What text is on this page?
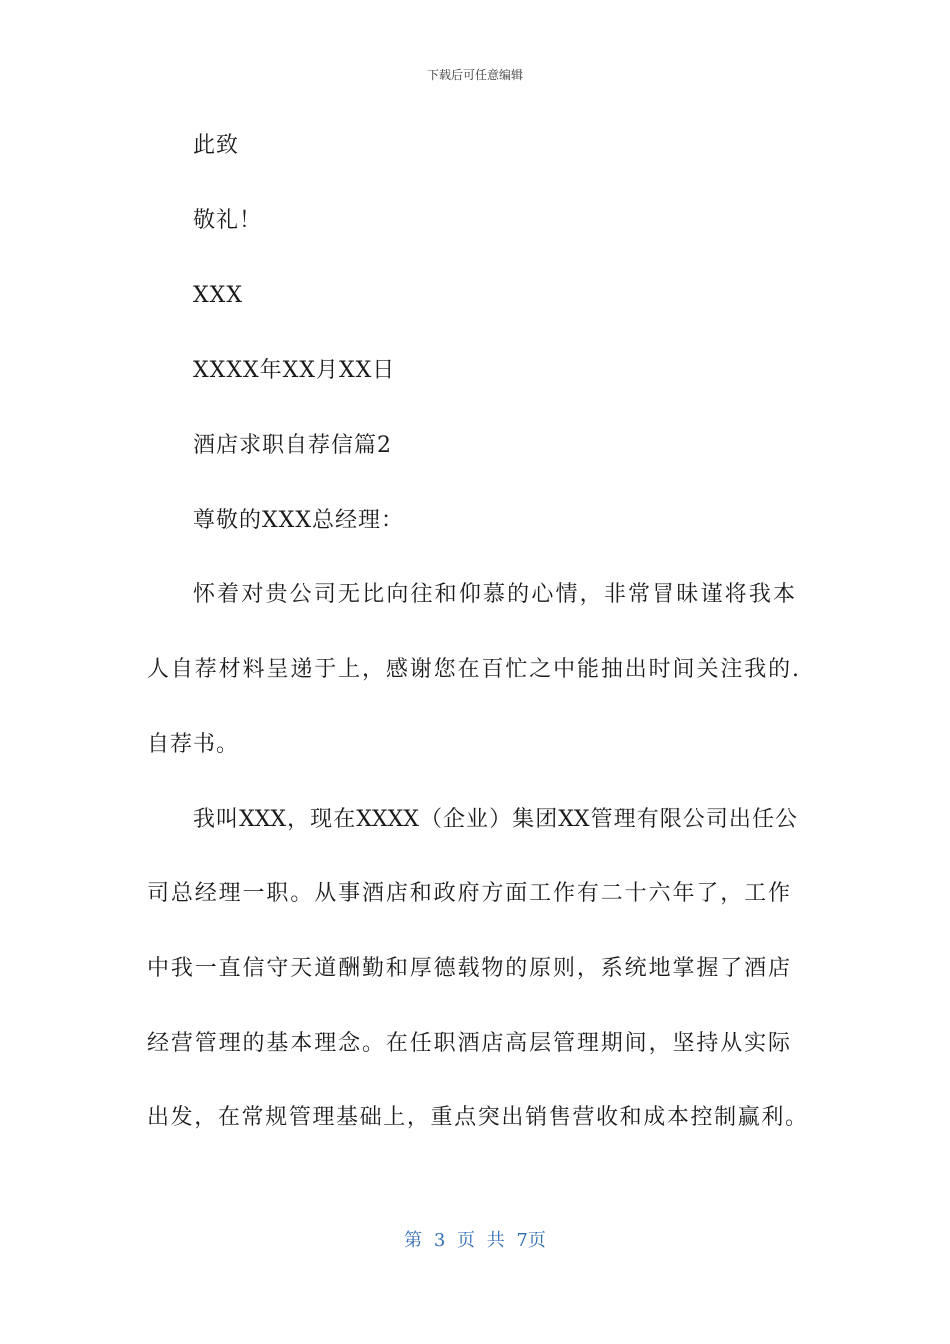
下载后可任意编辑
此致
敬礼！
XXX
XXXX年XX月XX日
酒店求职自荐信篇2
尊敬的XXX总经理：
怀着对贵公司无比向往和仰慕的心情，非常冒昧谨将我本
人自荐材料呈递于上，感谢您在百忙之中能抽出时间关注我的.
自荐书。
我叫XXX，现在XXXX（企业）集团XX管理有限公司出任公
司总经理一职。从事酒店和政府方面工作有二十六年了，工作
中我一直信守天道酬勤和厚德载物的原则，系统地掌握了酒店
经营管理的基本理念。在任职酒店高层管理期间，坚持从实际
出发，在常规管理基础上，重点突出销售营收和成本控制赢利。
第 3 页 共 7页
